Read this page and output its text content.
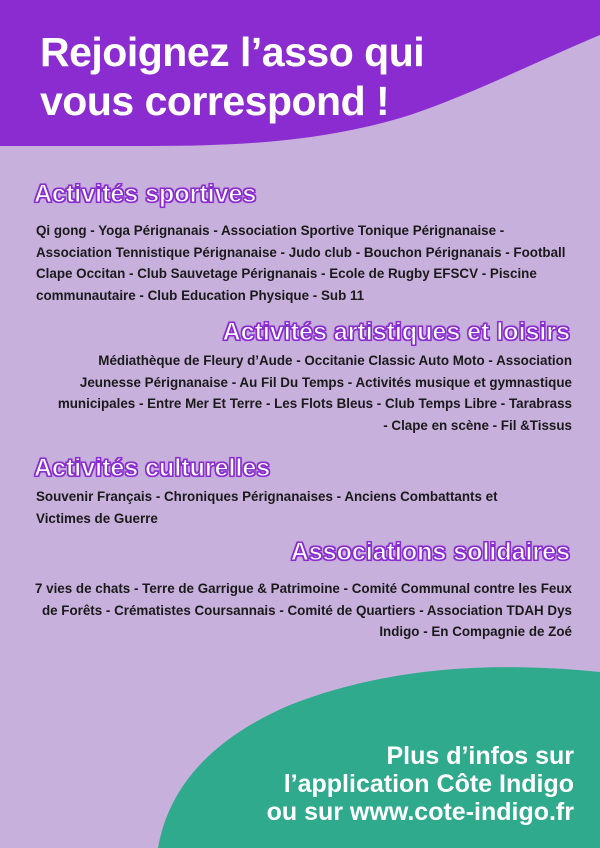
Rejoignez l’asso qui
vous correspond !
Activités sportives

Qi gong - Yoga Pérignanais - Association Sportive Tonique Pérignanaise - Association Tennistique Pérignanaise - Judo club - Bouchon Pérignanais - Football Clape Occitan - Club Sauvetage Pérignanais - Ecole de Rugby EFSCV - Piscine communautaire - Club Education Physique - Sub 11

Activités artistiques et loisirs

Médiathèque de Fleury d’Aude - Occitanie Classic Auto Moto - Association Jeunesse Pérignanaise - Au Fil Du Temps - Activités musique et gymnastique municipales - Entre Mer Et Terre - Les Flots Bleus - Club Temps Libre - Tarabrass - Clape en scène - Fil &Tissus

Activités culturelles

Souvenir Français - Chroniques Pérignanaises - Anciens Combattants et Victimes de Guerre

Associations solidaires

7 vies de chats - Terre de Garrigue & Patrimoine - Comité Communal contre les Feux de Forêts - Crématistes Coursannais - Comité de Quartiers - Association TDAH Dys Indigo - En Compagnie de Zoé

Plus d’infos sur
l’application Côte Indigo
ou sur www.cote-indigo.fr
